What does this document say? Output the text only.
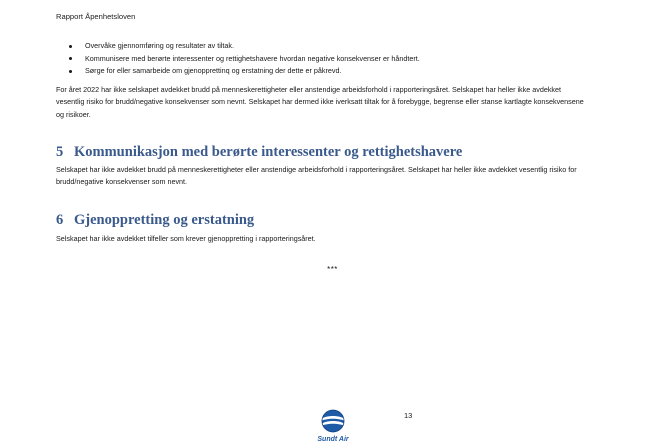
Rapport Åpenhetsloven
Overvåke gjennomføring og resultater av tiltak.
Kommunisere med berørte interessenter og rettighetshavere hvordan negative konsekvenser er håndtert.
Sørge for eller samarbeide om gjenopprettinq og erstatning der dette er påkrevd.
For året 2022 har ikke selskapet avdekket brudd på menneskerettigheter eller anstendige arbeidsforhold i rapporteringsåret. Selskapet har heller ikke avdekket
vesentlig risiko for brudd/negative konsekvenser som nevnt. Selskapet har dermed ikke iverksatt tiltak for å forebygge, begrense eller stanse kartlagte konsekvensene
og risikoer.
5 Kommunikasjon med berørte interessenter og rettighetshavere
Selskapet har ikke avdekket brudd på menneskerettigheter eller anstendige arbeidsforhold i rapporteringsåret. Selskapet har heller ikke avdekket vesentlig risiko for
brudd/negative konsekvenser som nevnt.
6 Gjenoppretting og erstatning
Selskapet har ikke avdekket tilfeller som krever gjenoppretting i rapporteringsåret.
***
13
Sundt Air
